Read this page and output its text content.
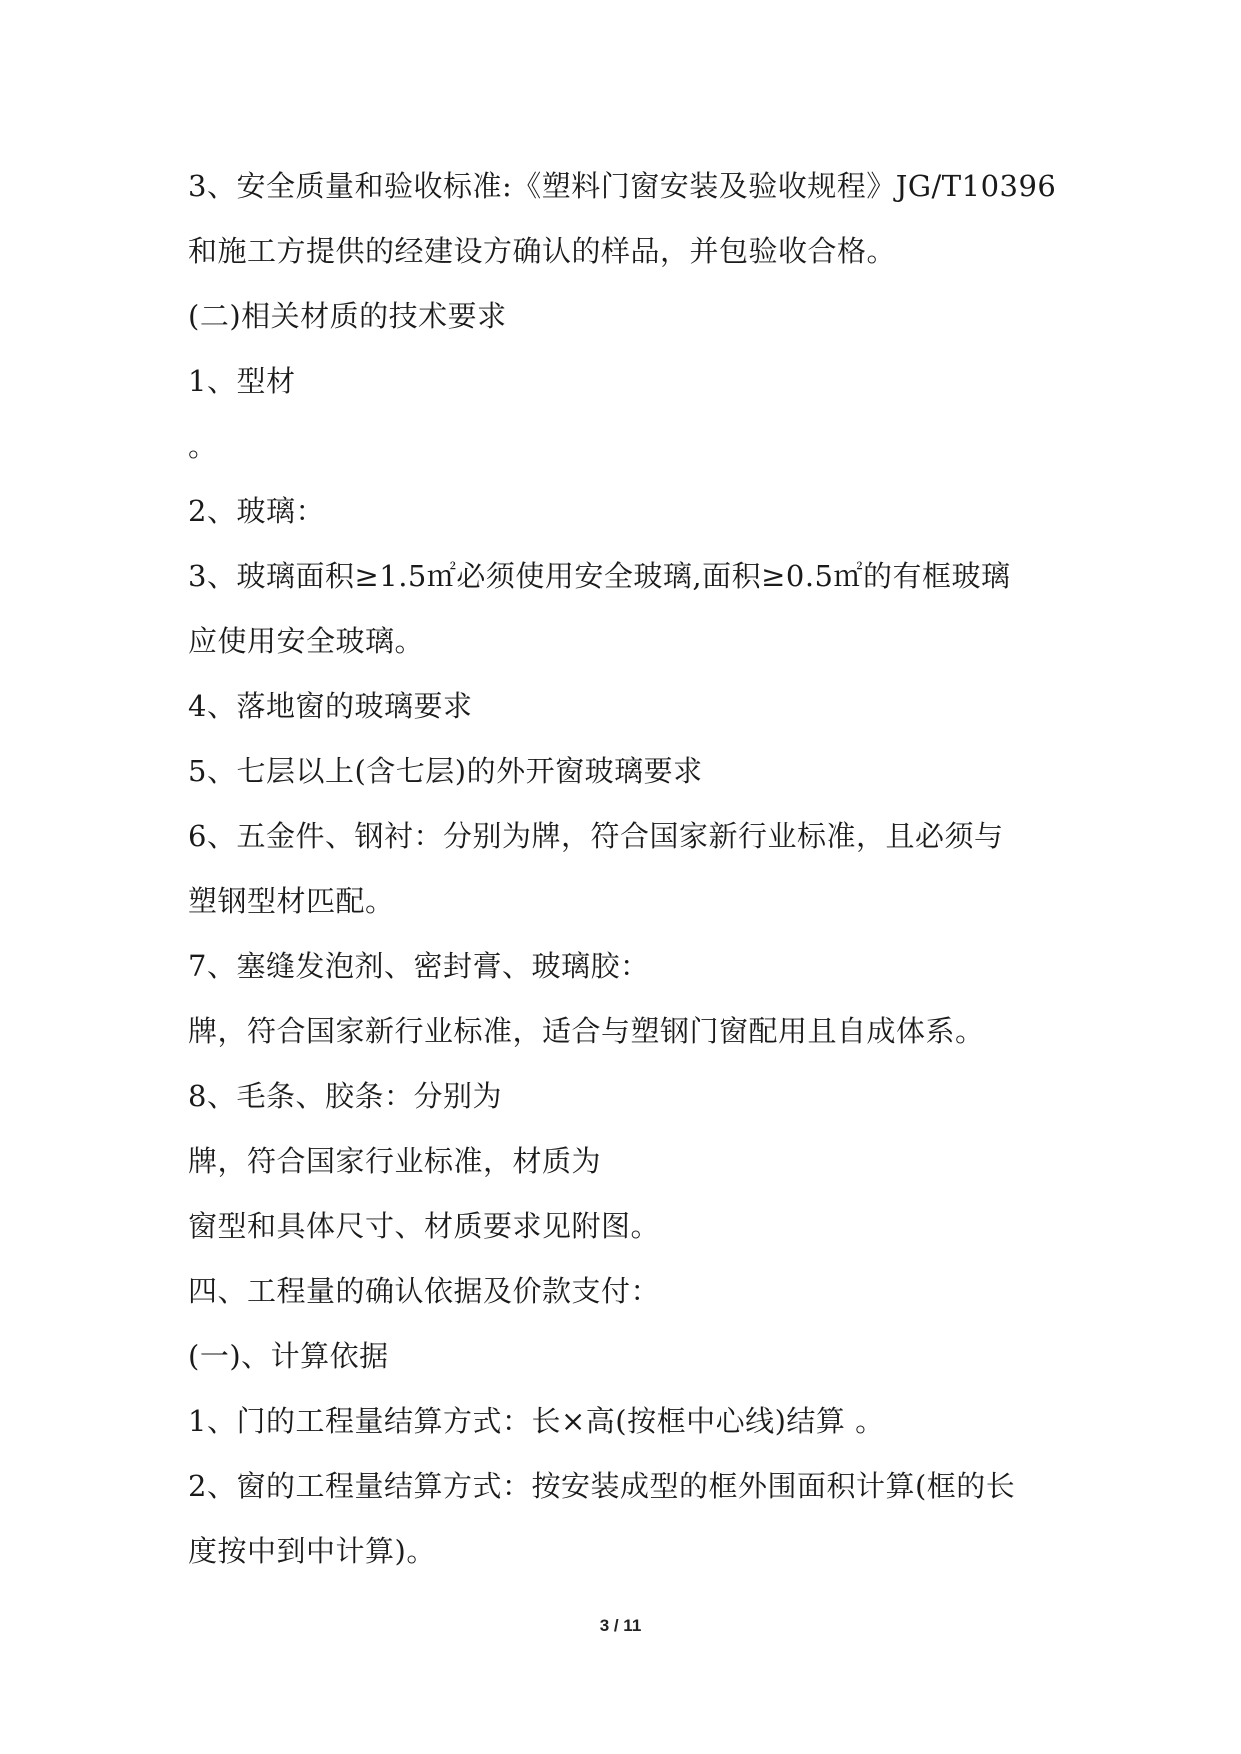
3、安全质量和验收标准:《塑料门窗安装及验收规程》JG/T10396
和施工方提供的经建设方确认的样品，并包验收合格。
(二)相关材质的技术要求
1、型材
。
2、玻璃：
3、玻璃面积≥1.5㎡必须使用安全玻璃,面积≥0.5㎡的有框玻璃
应使用安全玻璃。
4、落地窗的玻璃要求
5、七层以上(含七层)的外开窗玻璃要求
6、五金件、钢衬：分别为牌，符合国家新行业标准，且必须与
塑钢型材匹配。
7、塞缝发泡剂、密封膏、玻璃胶：
牌，符合国家新行业标准，适合与塑钢门窗配用且自成体系。
8、毛条、胶条：分别为
牌，符合国家行业标准，材质为
窗型和具体尺寸、材质要求见附图。
四、工程量的确认依据及价款支付：
(一)、计算依据
1、门的工程量结算方式：长×高(按框中心线)结算 。
2、窗的工程量结算方式：按安装成型的框外围面积计算(框的长
度按中到中计算)。
3 / 11
